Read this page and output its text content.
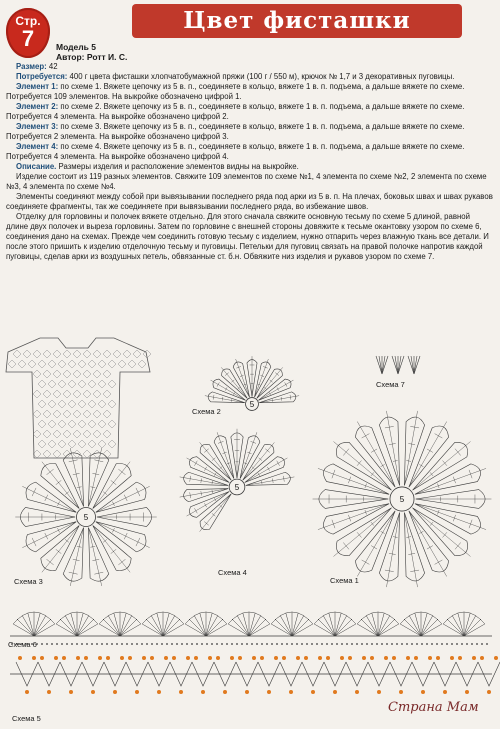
Стр.
7
Цвет фисташки
Модель 5
Автор: Ротт И. С.

Размер: 42

Потребуется: 400 г цвета фисташки хлопчатобумажной пряжи (100 г / 550 м), крючок № 1,7 и 3 декоративных пуговицы.

Элемент 1: по схеме 1. Вяжете цепочку из 5 в. п., соединяете в кольцо, вяжете 1 в. п. подъема, а дальше вяжете по схеме. Потребуется 109 элементов. На выкройке обозначено цифрой 1.

Элемент 2: по схеме 2. Вяжете цепочку из 5 в. п., соединяете в кольцо, вяжете 1 в. п. подъема, а дальше вяжете по схеме. Потребуется 4 элемента. На выкройке обозначено цифрой 2.

Элемент 3: по схеме 3. Вяжете цепочку из 5 в. п., соединяете в кольцо, вяжете 1 в. п. подъема, а дальше вяжете по схеме. Потребуется 2 элемента. На выкройке обозначено цифрой 3.

Элемент 4: по схеме 4. Вяжете цепочку из 5 в. п., соединяете в кольцо, вяжете 1 в. п. подъема, а дальше вяжете по схеме. Потребуется 4 элемента. На выкройке обозначено цифрой 4.

Описание. Размеры изделия и расположение элементов видны на выкройке.

Изделие состоит из 119 разных элементов. Свяжите 109 элементов по схеме №1, 4 элемента по схеме №2, 2 элемента по схеме №3, 4 элемента по схеме №4.

Элементы соединяют между собой при вывязывании последнего ряда под арки из 5 в. п. На плечах, боковых швах и швах рукавов соединяете фрагменты, так же соединяете при вывязывании последнего ряда, во избежание швов.

Отделку для горловины и полочек вяжете отдельно. Для этого сначала свяжите основную тесьму по схеме 5 длиной, равной длине двух полочек и выреза горловины. Затем по горловине с внешней стороны довяжите к тесьме окантовку узором по схеме 6, соединения дано на схемах. Прежде чем соединить готовую тесьму с изделием, нужно отпарить через влажную ткань все детали. И после этого пришить к изделию отделочную тесьму и пуговицы. Петельки для пуговиц связать на правой полочке напротив каждой пуговицы, сделав арки из воздушных петель, обвязанные ст. б.н. Обвяжите низ изделия и рукавов узором по схеме 7.

5
5
5
5
Схема 2
Схема 7
Схема 3
Схема 4
Схема 1
Схема 6
Схема 5
Страна Мам
